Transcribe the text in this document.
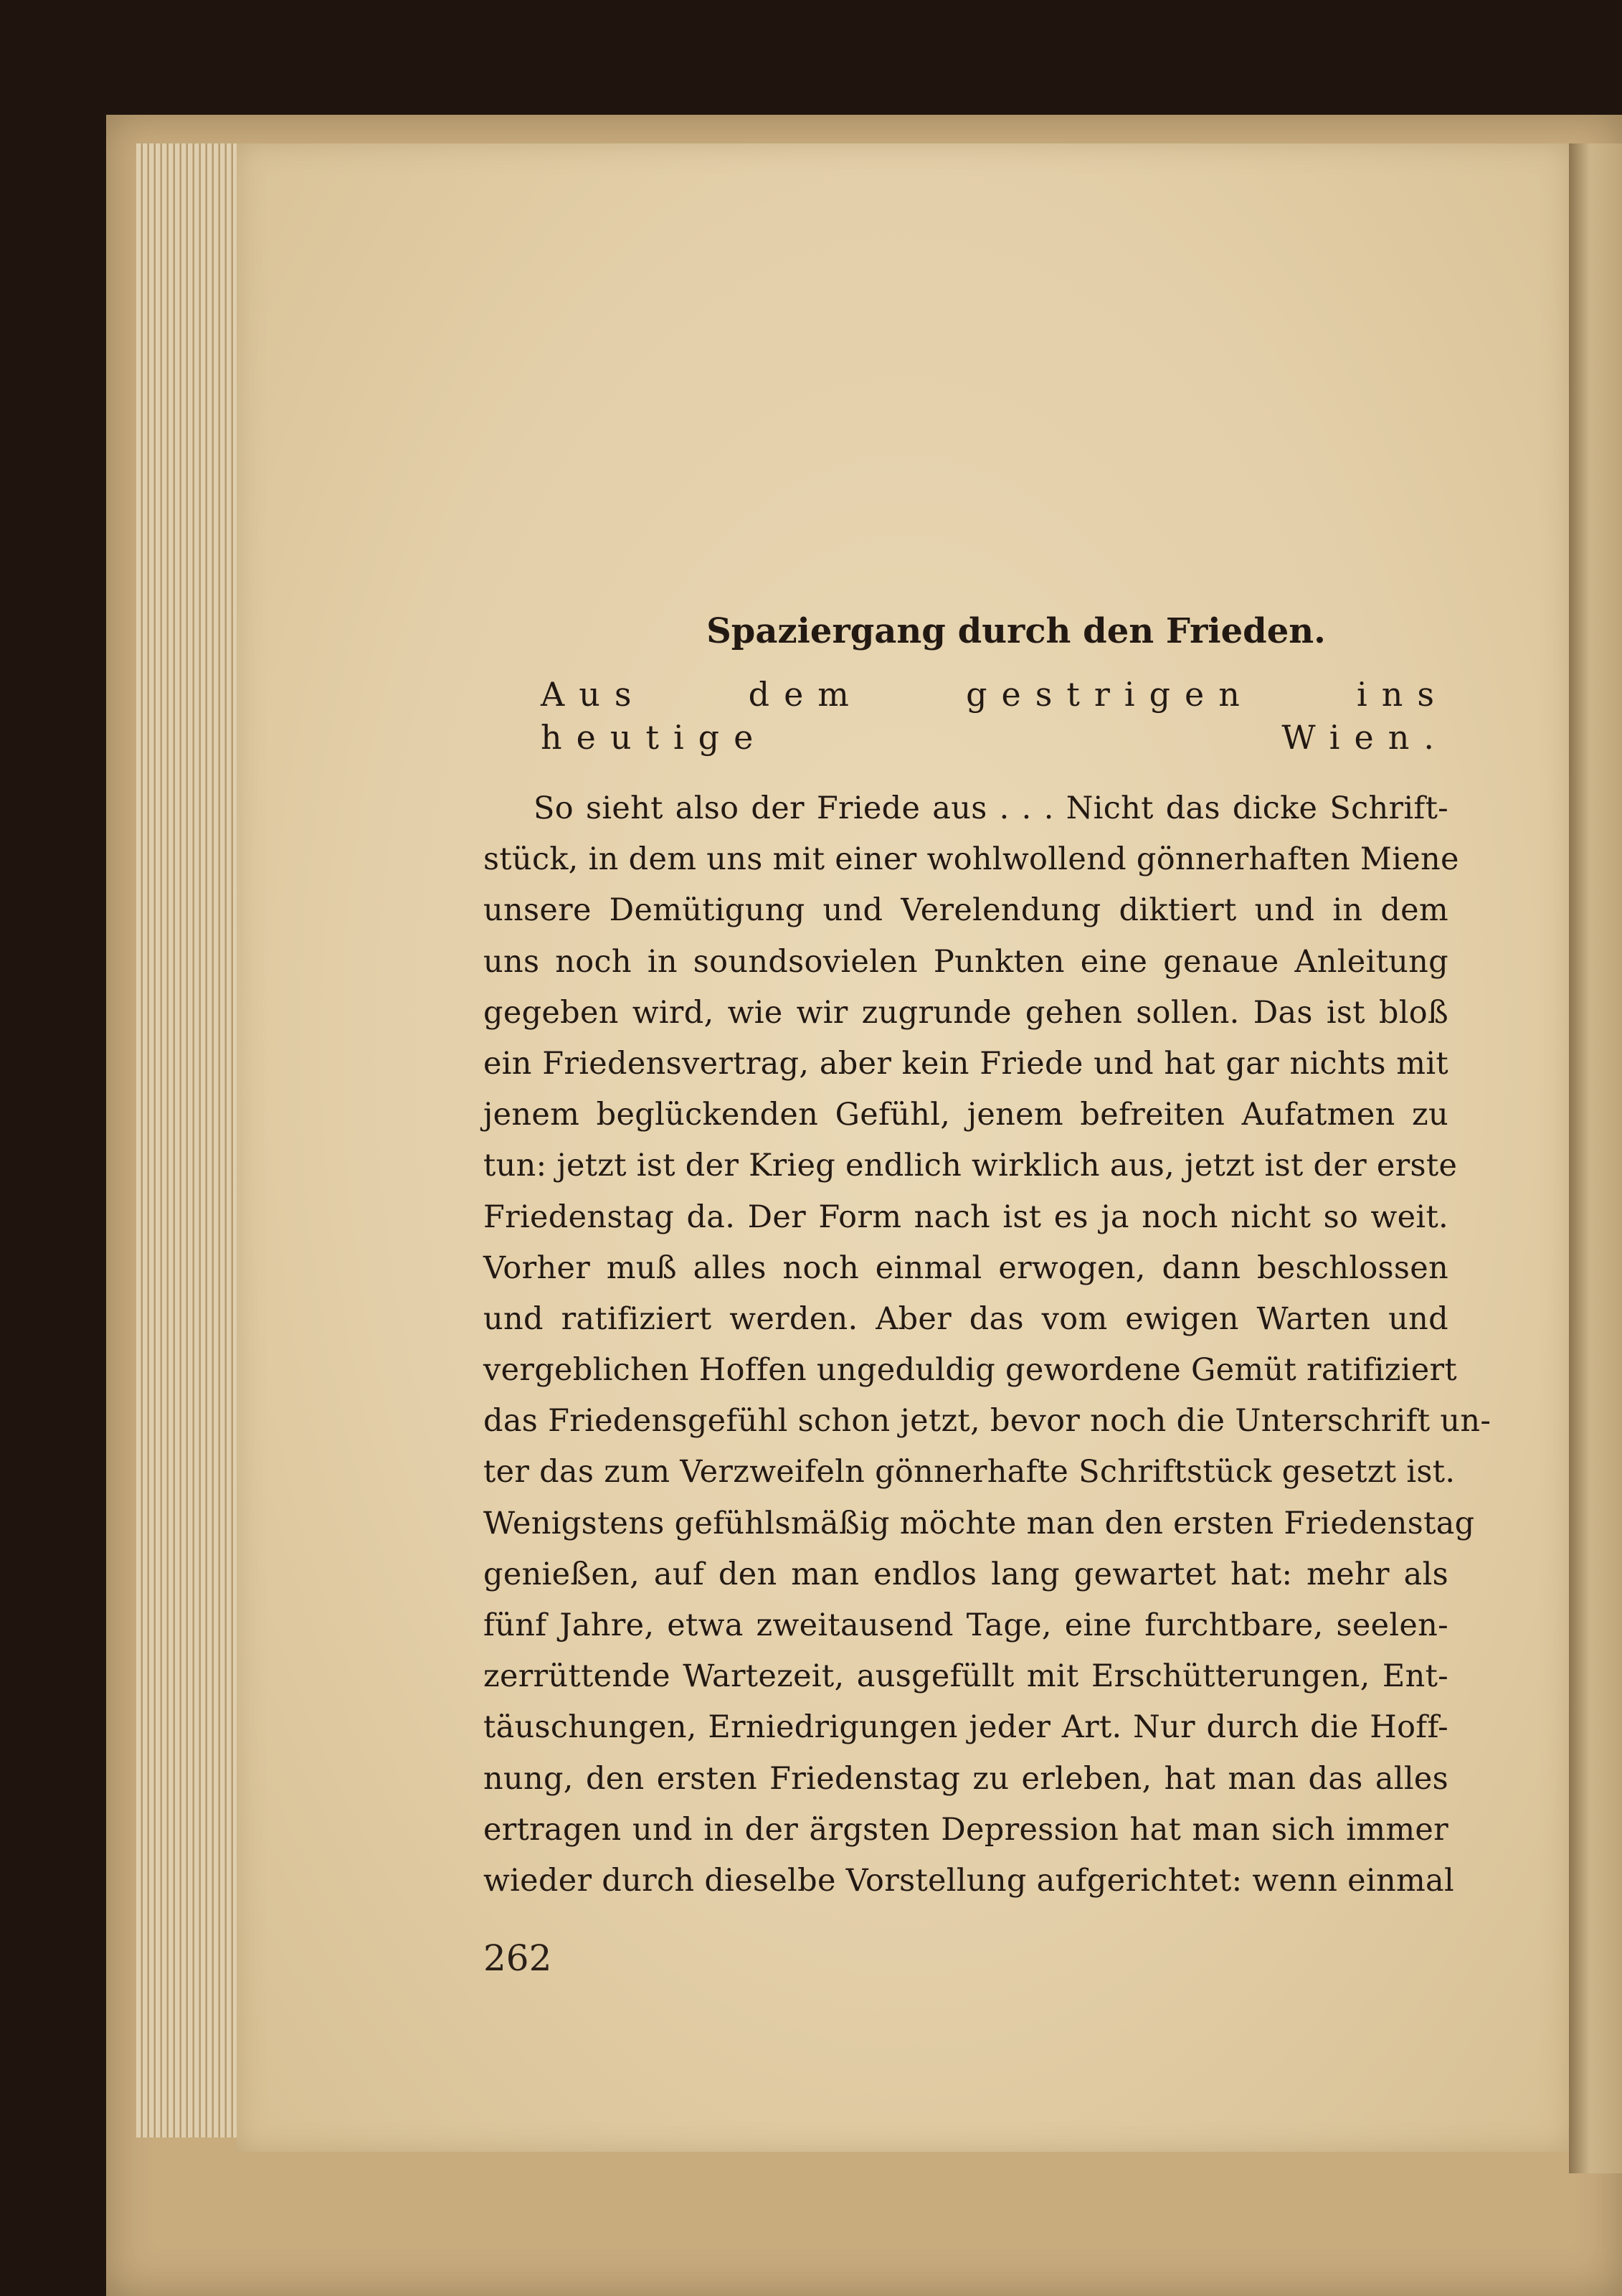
Spaziergang durch den Frieden.
Aus dem gestrigen ins heutige Wien.
So sieht also der Friede aus . . . Nicht das dicke Schrift-
stück, in dem uns mit einer wohlwollend gönnerhaften Miene
unsere Demütigung und Verelendung diktiert und in dem
uns noch in soundsovielen Punkten eine genaue Anleitung
gegeben wird, wie wir zugrunde gehen sollen. Das ist bloß
ein Friedensvertrag, aber kein Friede und hat gar nichts mit
jenem beglückenden Gefühl, jenem befreiten Aufatmen zu
tun: jetzt ist der Krieg endlich wirklich aus, jetzt ist der erste
Friedenstag da. Der Form nach ist es ja noch nicht so weit.
Vorher muß alles noch einmal erwogen, dann beschlossen
und ratifiziert werden. Aber das vom ewigen Warten und
vergeblichen Hoffen ungeduldig gewordene Gemüt ratifiziert
das Friedensgefühl schon jetzt, bevor noch die Unterschrift un-
ter das zum Verzweifeln gönnerhafte Schriftstück gesetzt ist.
Wenigstens gefühlsmäßig möchte man den ersten Friedenstag
genießen, auf den man endlos lang gewartet hat: mehr als
fünf Jahre, etwa zweitausend Tage, eine furchtbare, seelen-
zerrüttende Wartezeit, ausgefüllt mit Erschütterungen, Ent-
täuschungen, Erniedrigungen jeder Art. Nur durch die Hoff-
nung, den ersten Friedenstag zu erleben, hat man das alles
ertragen und in der ärgsten Depression hat man sich immer
wieder durch dieselbe Vorstellung aufgerichtet: wenn einmal
262
